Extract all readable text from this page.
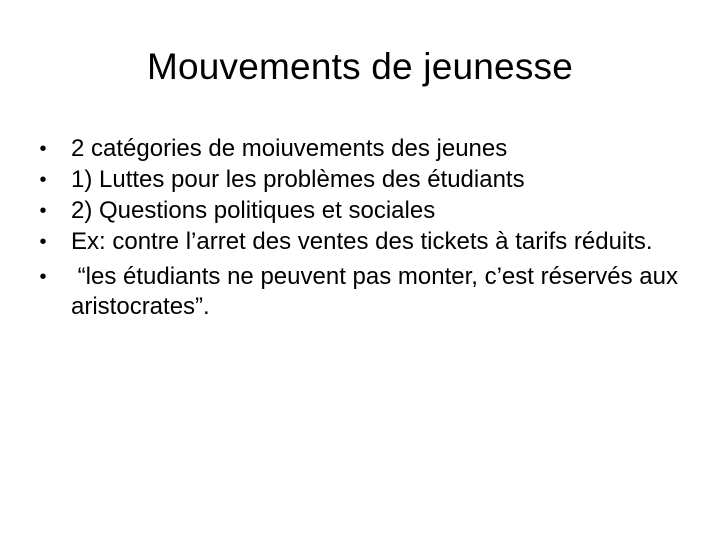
Mouvements de jeunesse
• 2 catégories de moiuvements des jeunes
• 1) Luttes pour les problèmes des étudiants
• 2) Questions politiques et sociales
• Ex: contre l’arret des ventes des tickets à tarifs réduits.
• “les étudiants ne peuvent pas monter, c’est réservés aux aristocrates”.
